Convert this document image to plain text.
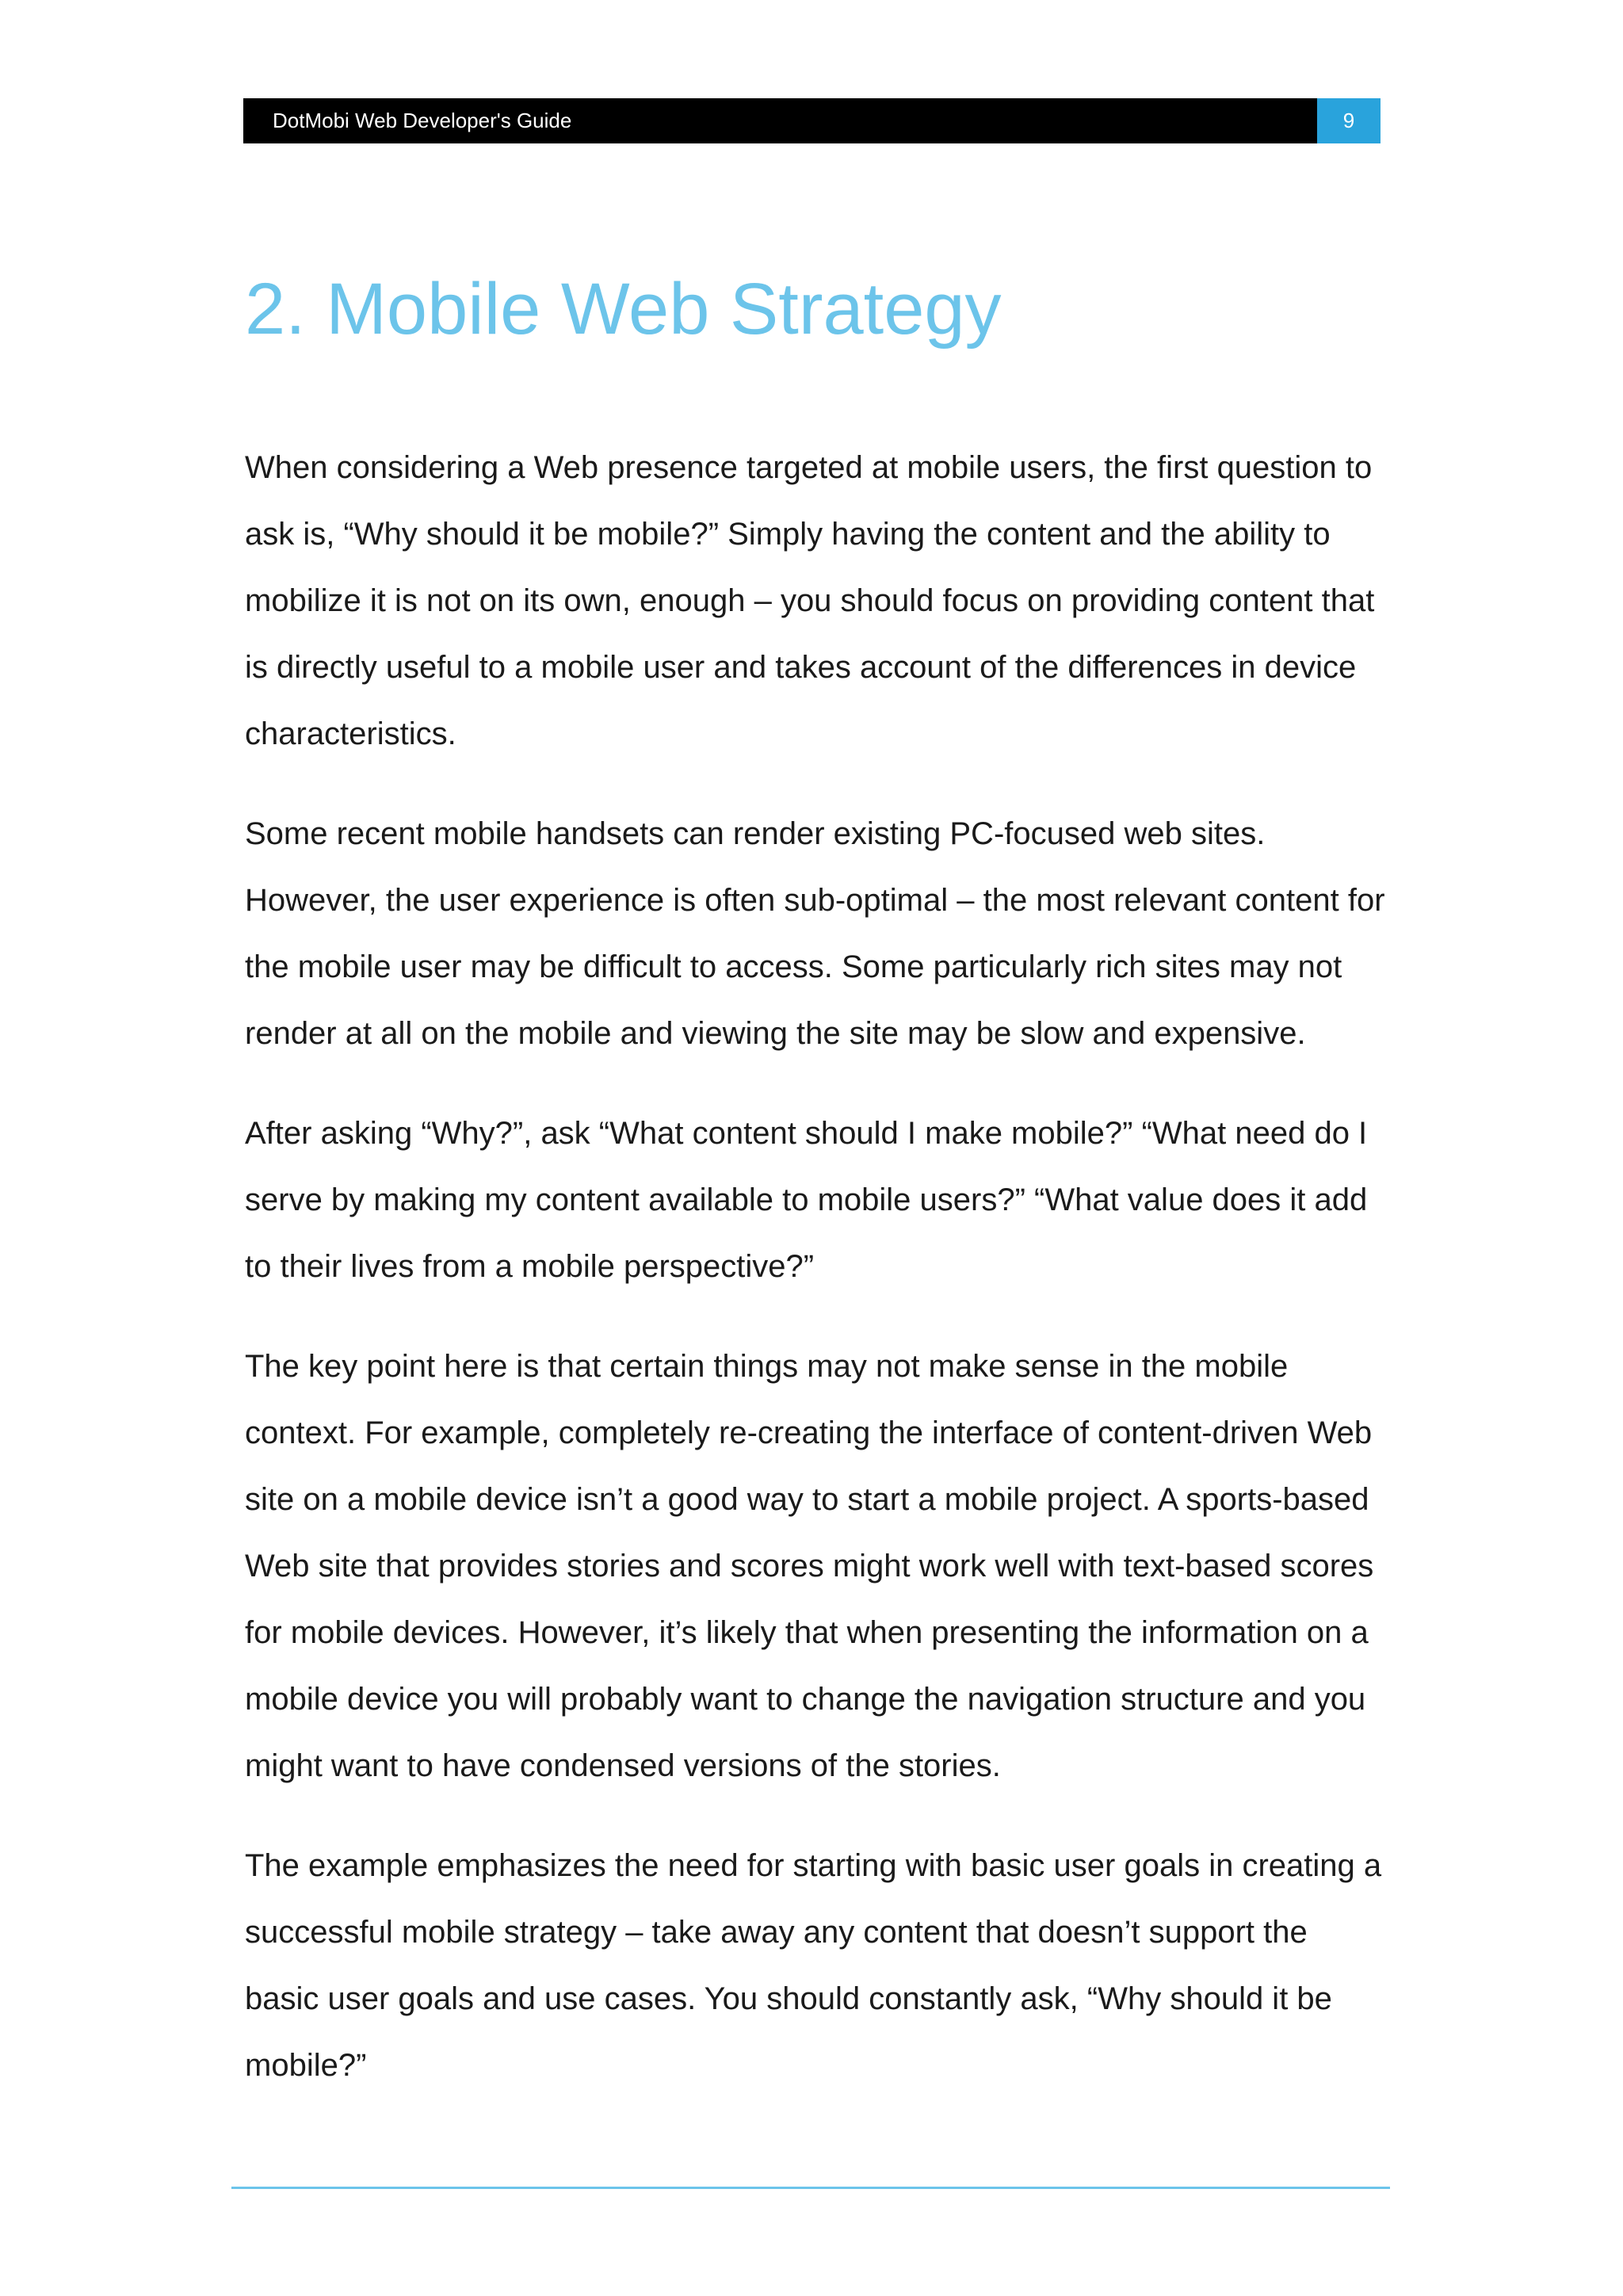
DotMobi Web Developer's Guide	9
2. Mobile Web Strategy

When considering a Web presence targeted at mobile users, the first question to ask is, “Why should it be mobile?” Simply having the content and the ability to mobilize it is not on its own, enough – you should focus on providing content that is directly useful to a mobile user and takes account of the differences in device characteristics.

Some recent mobile handsets can render existing PC-focused web sites. However, the user experience is often sub-optimal – the most relevant content for the mobile user may be difficult to access. Some particularly rich sites may not render at all on the mobile and viewing the site may be slow and expensive.

After asking “Why?”, ask “What content should I make mobile?” “What need do I serve by making my content available to mobile users?” “What value does it add to their lives from a mobile perspective?”

The key point here is that certain things may not make sense in the mobile context. For example, completely re-creating the interface of content-driven Web site on a mobile device isn’t a good way to start a mobile project. A sports-based Web site that provides stories and scores might work well with text-based scores for mobile devices. However, it’s likely that when presenting the information on a mobile device you will probably want to change the navigation structure and you might want to have condensed versions of the stories.

The example emphasizes the need for starting with basic user goals in creating a successful mobile strategy – take away any content that doesn’t support the basic user goals and use cases. You should constantly ask, “Why should it be mobile?”
